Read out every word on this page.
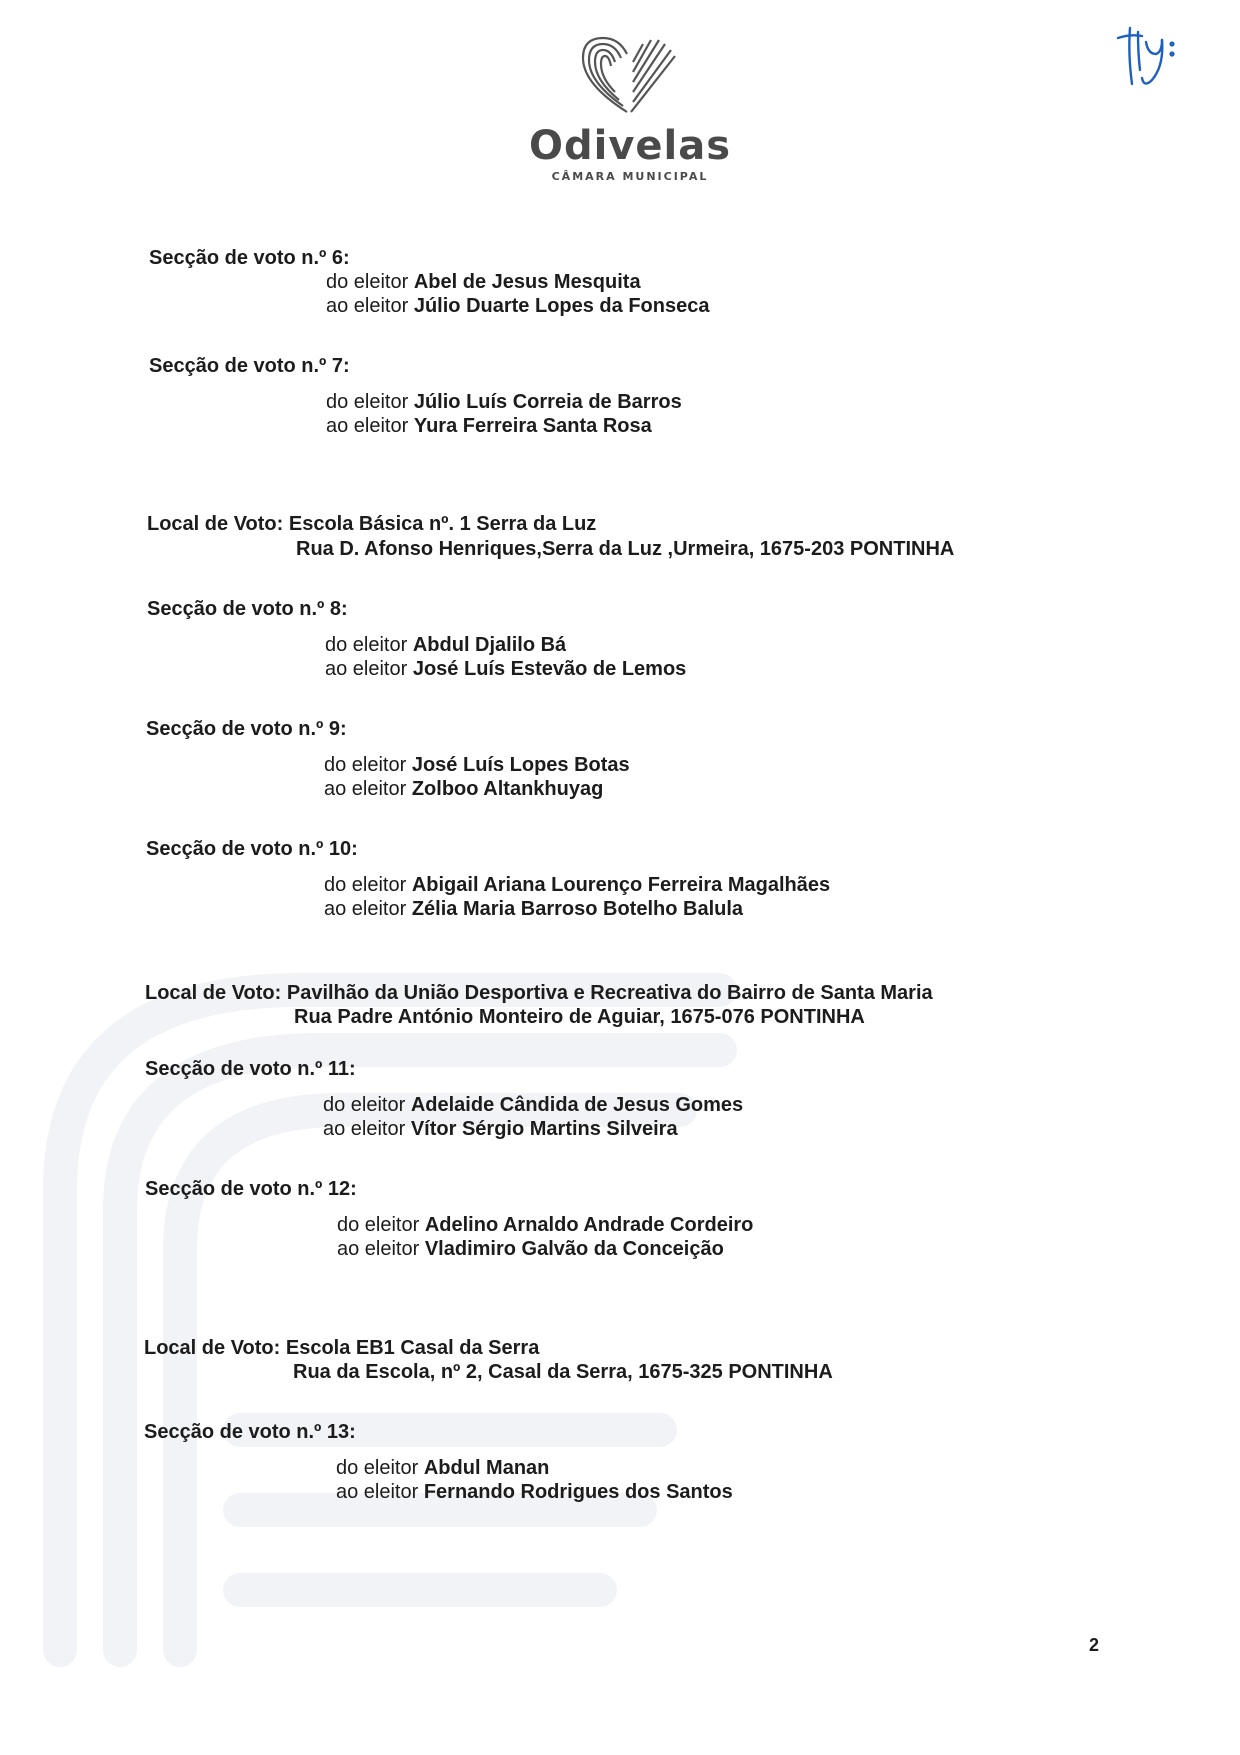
Odivelas
CÂMARA MUNICIPAL
Secção de voto n.º 6:
do eleitor Abel de Jesus Mesquita
ao eleitor Júlio Duarte Lopes da Fonseca
Secção de voto n.º 7:
do eleitor Júlio Luís Correia de Barros
ao eleitor Yura Ferreira Santa Rosa
Local de Voto: Escola Básica nº. 1 Serra da Luz
Rua D. Afonso Henriques,Serra da Luz ,Urmeira, 1675-203 PONTINHA
Secção de voto n.º 8:
do eleitor Abdul Djalilo Bá
ao eleitor José Luís Estevão de Lemos
Secção de voto n.º 9:
do eleitor José Luís Lopes Botas
ao eleitor Zolboo Altankhuyag
Secção de voto n.º 10:
do eleitor Abigail Ariana Lourenço Ferreira Magalhães
ao eleitor Zélia Maria Barroso Botelho Balula
Local de Voto: Pavilhão da União Desportiva e Recreativa do Bairro de Santa Maria
Rua Padre António Monteiro de Aguiar, 1675-076 PONTINHA
Secção de voto n.º 11:
do eleitor Adelaide Cândida de Jesus Gomes
ao eleitor Vítor Sérgio Martins Silveira
Secção de voto n.º 12:
do eleitor Adelino Arnaldo Andrade Cordeiro
ao eleitor Vladimiro Galvão da Conceição
Local de Voto: Escola EB1 Casal da Serra
Rua da Escola, nº 2, Casal da Serra, 1675-325 PONTINHA
Secção de voto n.º 13:
do eleitor Abdul Manan
ao eleitor Fernando Rodrigues dos Santos
2
